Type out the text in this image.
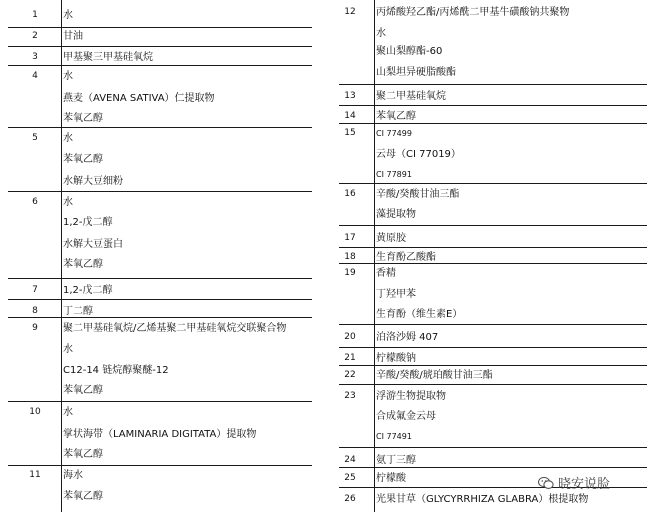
1	水
2	甘油
3	甲基聚三甲基硅氧烷
4	水
燕麦（AVENA SATIVA）仁提取物
苯氧乙醇
5	水
苯氧乙醇
水解大豆细粉
6	水
1,2-戊二醇
水解大豆蛋白
苯氧乙醇
7	1,2-戊二醇
8	丁二醇
9	聚二甲基硅氧烷/乙烯基聚二甲基硅氧烷交联聚合物
水
C12-14 链烷醇聚醚-12
苯氧乙醇
10	水
掌状海带（LAMINARIA DIGITATA）提取物
苯氧乙醇
11	海水
苯氧乙醇
12	丙烯酸羟乙酯/丙烯酰二甲基牛磺酸钠共聚物
水
聚山梨醇酯-60
山梨坦异硬脂酸酯
13	聚二甲基硅氧烷
14	苯氧乙醇
15	CI 77499
云母（CI 77019）
CI 77891
16	辛酸/癸酸甘油三酯
藻提取物
17	黄原胶
18	生育酚乙酸酯
19	香精
丁羟甲苯
生育酚（维生素E）
20	泊洛沙姆 407
21	柠檬酸钠
22	辛酸/癸酸/琥珀酸甘油三酯
23	浮游生物提取物
合成氟金云母
CI 77491
24	氨丁三醇
25	柠檬酸
26	光果甘草（GLYCYRRHIZA GLABRA）根提取物
晓安说脸
